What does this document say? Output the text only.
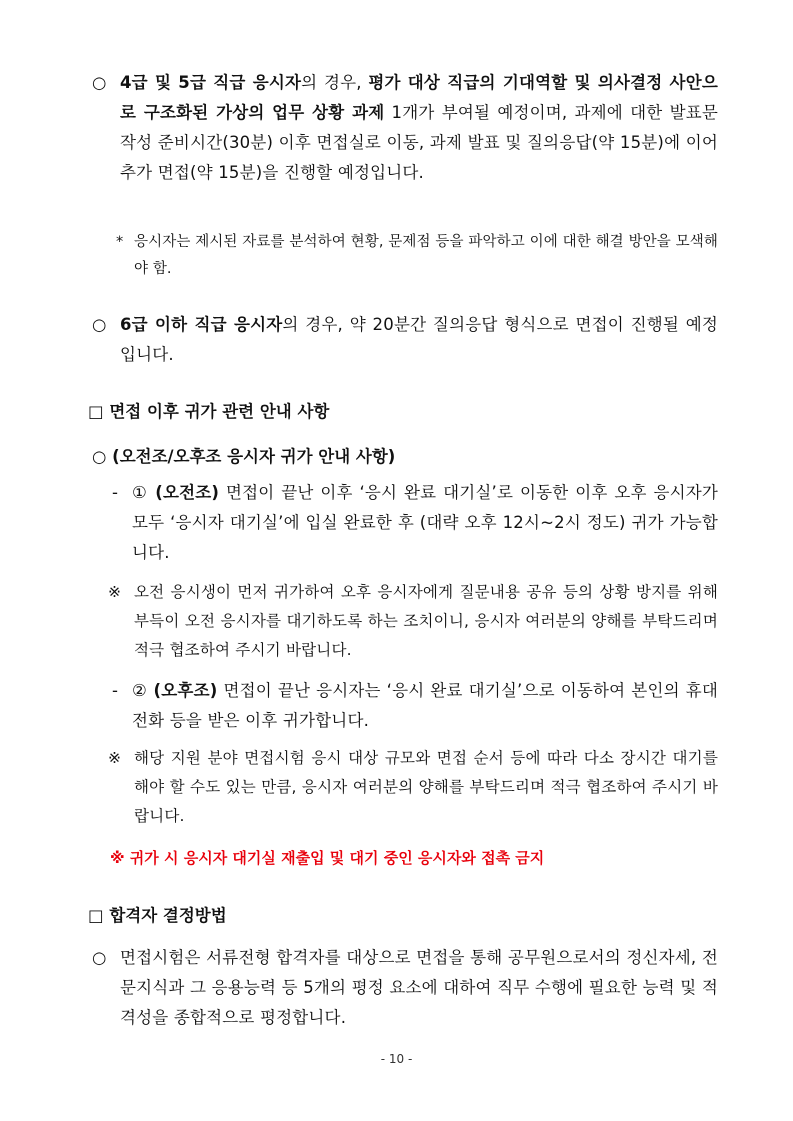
○ 4급 및 5급 직급 응시자의 경우, 평가 대상 직급의 기대역할 및 의사결정 사안으로 구조화된 가상의 업무 상황 과제 1개가 부여될 예정이며, 과제에 대한 발표문 작성 준비시간(30분) 이후 면접실로 이동, 과제 발표 및 질의응답(약 15분)에 이어 추가 면접(약 15분)을 진행할 예정입니다.
* 응시자는 제시된 자료를 분석하여 현황, 문제점 등을 파악하고 이에 대한 해결 방안을 모색해야 함.
○ 6급 이하 직급 응시자의 경우, 약 20분간 질의응답 형식으로 면접이 진행될 예정입니다.
□ 면접 이후 귀가 관련 안내 사항
○ (오전조/오후조 응시자 귀가 안내 사항)
- ① (오전조) 면접이 끝난 이후 ‘응시 완료 대기실’로 이동한 이후 오후 응시자가 모두 ‘응시자 대기실’에 입실 완료한 후 (대략 오후 12시~2시 정도) 귀가 가능합니다.
※ 오전 응시생이 먼저 귀가하여 오후 응시자에게 질문내용 공유 등의 상황 방지를 위해 부득이 오전 응시자를 대기하도록 하는 조치이니, 응시자 여러분의 양해를 부탁드리며 적극 협조하여 주시기 바랍니다.
- ② (오후조) 면접이 끝난 응시자는 ‘응시 완료 대기실’으로 이동하여 본인의 휴대전화 등을 받은 이후 귀가합니다.
※ 해당 지원 분야 면접시험 응시 대상 규모와 면접 순서 등에 따라 다소 장시간 대기를 해야 할 수도 있는 만큼, 응시자 여러분의 양해를 부탁드리며 적극 협조하여 주시기 바랍니다.
※ 귀가 시 응시자 대기실 재출입 및 대기 중인 응시자와 접촉 금지
□ 합격자 결정방법
○ 면접시험은 서류전형 합격자를 대상으로 면접을 통해 공무원으로서의 정신자세, 전문지식과 그 응용능력 등 5개의 평정 요소에 대하여 직무 수행에 필요한 능력 및 적격성을 종합적으로 평정합니다.
- 10 -
